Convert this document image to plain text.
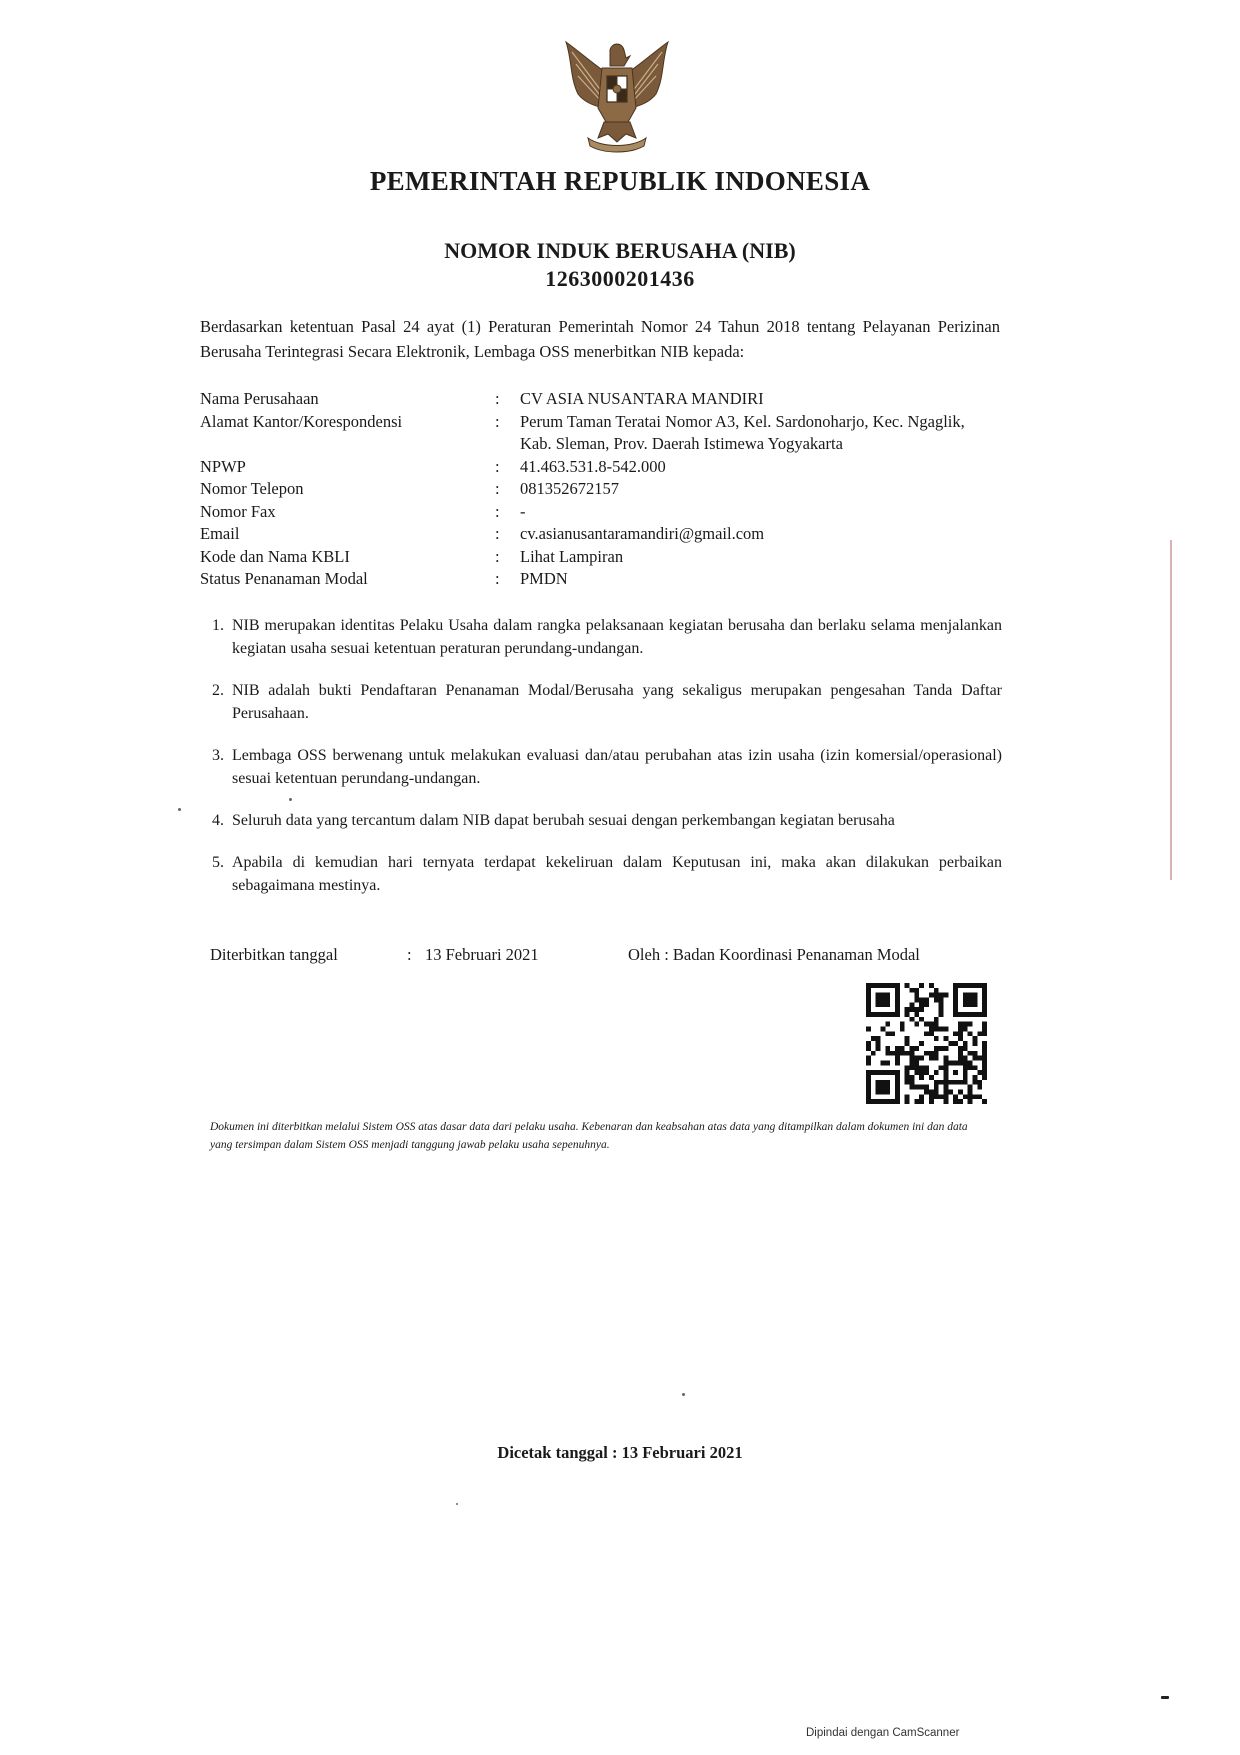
PEMERINTAH REPUBLIK INDONESIA
NOMOR INDUK BERUSAHA (NIB)
1263000201436
Berdasarkan ketentuan Pasal 24 ayat (1) Peraturan Pemerintah Nomor 24 Tahun 2018 tentang Pelayanan Perizinan Berusaha Terintegrasi Secara Elektronik, Lembaga OSS menerbitkan NIB kepada:
Nama Perusahaan	:	CV ASIA NUSANTARA MANDIRI
Alamat Kantor/Korespondensi	:	Perum Taman Teratai Nomor A3, Kel. Sardonoharjo, Kec. Ngaglik,
Kab. Sleman, Prov. Daerah Istimewa Yogyakarta
NPWP	:	41.463.531.8-542.000
Nomor Telepon	:	081352672157
Nomor Fax	:	-
Email	:	cv.asianusantaramandiri@gmail.com
Kode dan Nama KBLI	:	Lihat Lampiran
Status Penanaman Modal	:	PMDN
1. NIB merupakan identitas Pelaku Usaha dalam rangka pelaksanaan kegiatan berusaha dan berlaku selama menjalankan kegiatan usaha sesuai ketentuan peraturan perundang-undangan.
2. NIB adalah bukti Pendaftaran Penanaman Modal/Berusaha yang sekaligus merupakan pengesahan Tanda Daftar Perusahaan.
3. Lembaga OSS berwenang untuk melakukan evaluasi dan/atau perubahan atas izin usaha (izin komersial/operasional) sesuai ketentuan perundang-undangan.
4. Seluruh data yang tercantum dalam NIB dapat berubah sesuai dengan perkembangan kegiatan berusaha
5. Apabila di kemudian hari ternyata terdapat kekeliruan dalam Keputusan ini, maka akan dilakukan perbaikan sebagaimana mestinya.
Diterbitkan tanggal	: 13 Februari 2021	Oleh : Badan Koordinasi Penanaman Modal
Dokumen ini diterbitkan melalui Sistem OSS atas dasar data dari pelaku usaha. Kebenaran dan keabsahan atas data yang ditampilkan dalam dokumen ini dan data yang tersimpan dalam Sistem OSS menjadi tanggung jawab pelaku usaha sepenuhnya.
Dicetak tanggal : 13 Februari 2021
Dipindai dengan CamScanner
